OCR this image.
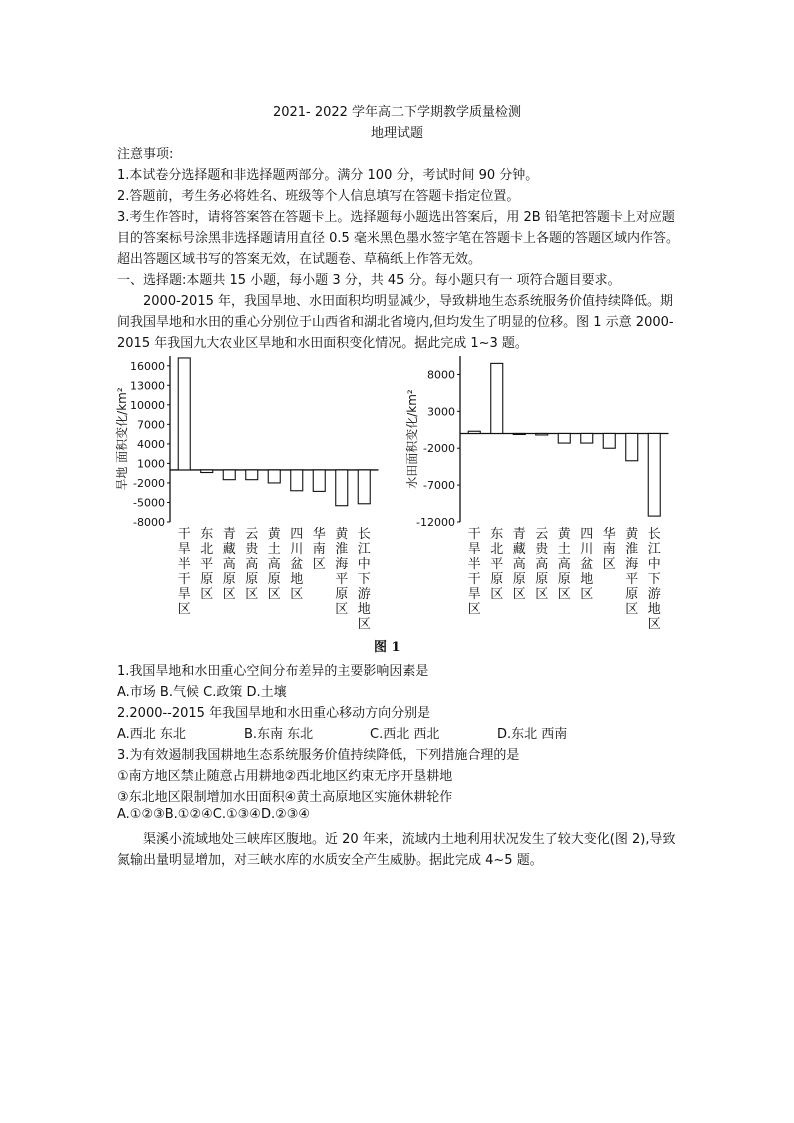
2021- 2022 学年高二下学期教学质量检测
地理试题
注意事项:
1.本试卷分选择题和非选择题两部分。满分 100 分，考试时间 90 分钟。
2.答题前，考生务必将姓名、班级等个人信息填写在答题卡指定位置。
3.考生作答时，请将答案答在答题卡上。选择题每小题选出答案后，用 2B 铅笔把答题卡上对应题
目的答案标号涂黑非选择题请用直径 0.5 毫米黑色墨水签字笔在答题卡上各题的答题区域内作答。
超出答题区域书写的答案无效，在试题卷、草稿纸上作答无效。
一、选择题:本题共 15 小题，每小题 3 分，共 45 分。每小题只有一 项符合题目要求。
2000-2015 年，我国旱地、水田面积均明显减少，导致耕地生态系统服务价值持续降低。期
间我国旱地和水田的重心分别位于山西省和湖北省境内,但均发生了明显的位移。图 1 示意 2000-
2015 年我国九大农业区旱地和水田面积变化情况。据此完成 1~3 题。
16000
13000
10000
7000
4000
1000
-2000
-5000
-8000
旱地 面积变化/km²
干旱半干旱区
东北平原区
青藏高原区
云贵高原区
黄土高原区
四川盆地区
华南区
黄淮海平原区
长江中下游地区
8000
3000
-2000
-7000
-12000
水田面积变化/km²
干旱半干旱区
东北平原区
青藏高原区
云贵高原区
黄土高原区
四川盆地区
华南区
黄淮海平原区
长江中下游地区
图 1
1.我国旱地和水田重心空间分布差异的主要影响因素是
A.市场 B.气候 C.政策 D.土壤
2.2000--2015 年我国旱地和水田重心移动方向分别是
A.西北 东北	B.东南 东北	C.西北 西北	D.东北 西南
3.为有效遏制我国耕地生态系统服务价值持续降低，下列措施合理的是
①南方地区禁止随意占用耕地②西北地区约束无序开垦耕地
③东北地区限制增加水田面积④黄土高原地区实施休耕轮作
A.①②③B.①②④C.①③④D.②③④
渠溪小流域地处三峡库区腹地。近 20 年来，流域内土地利用状况发生了较大变化(图 2),导致
氮输出量明显增加，对三峡水库的水质安全产生威胁。据此完成 4~5 题。
